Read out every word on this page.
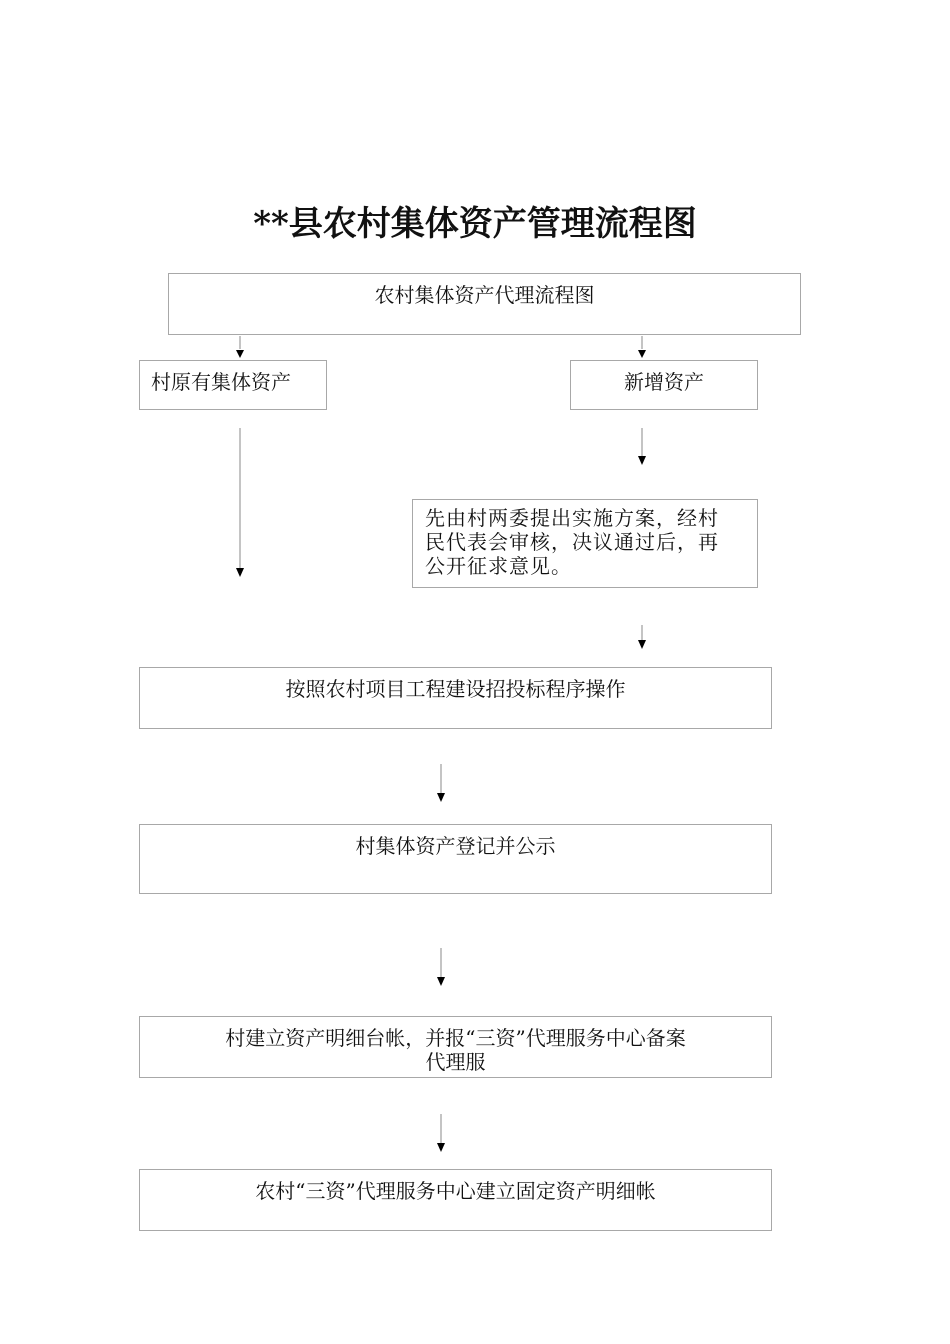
**县农村集体资产管理流程图
农村集体资产代理流程图
村原有集体资产	新增资产
先由村两委提出实施方案，经村
民代表会审核，决议通过后，再
公开征求意见。
按照农村项目工程建设招投标程序操作
村集体资产登记并公示
村建立资产明细台帐，并报“三资”代理服务中心备案
代理服
农村“三资”代理服务中心建立固定资产明细帐
